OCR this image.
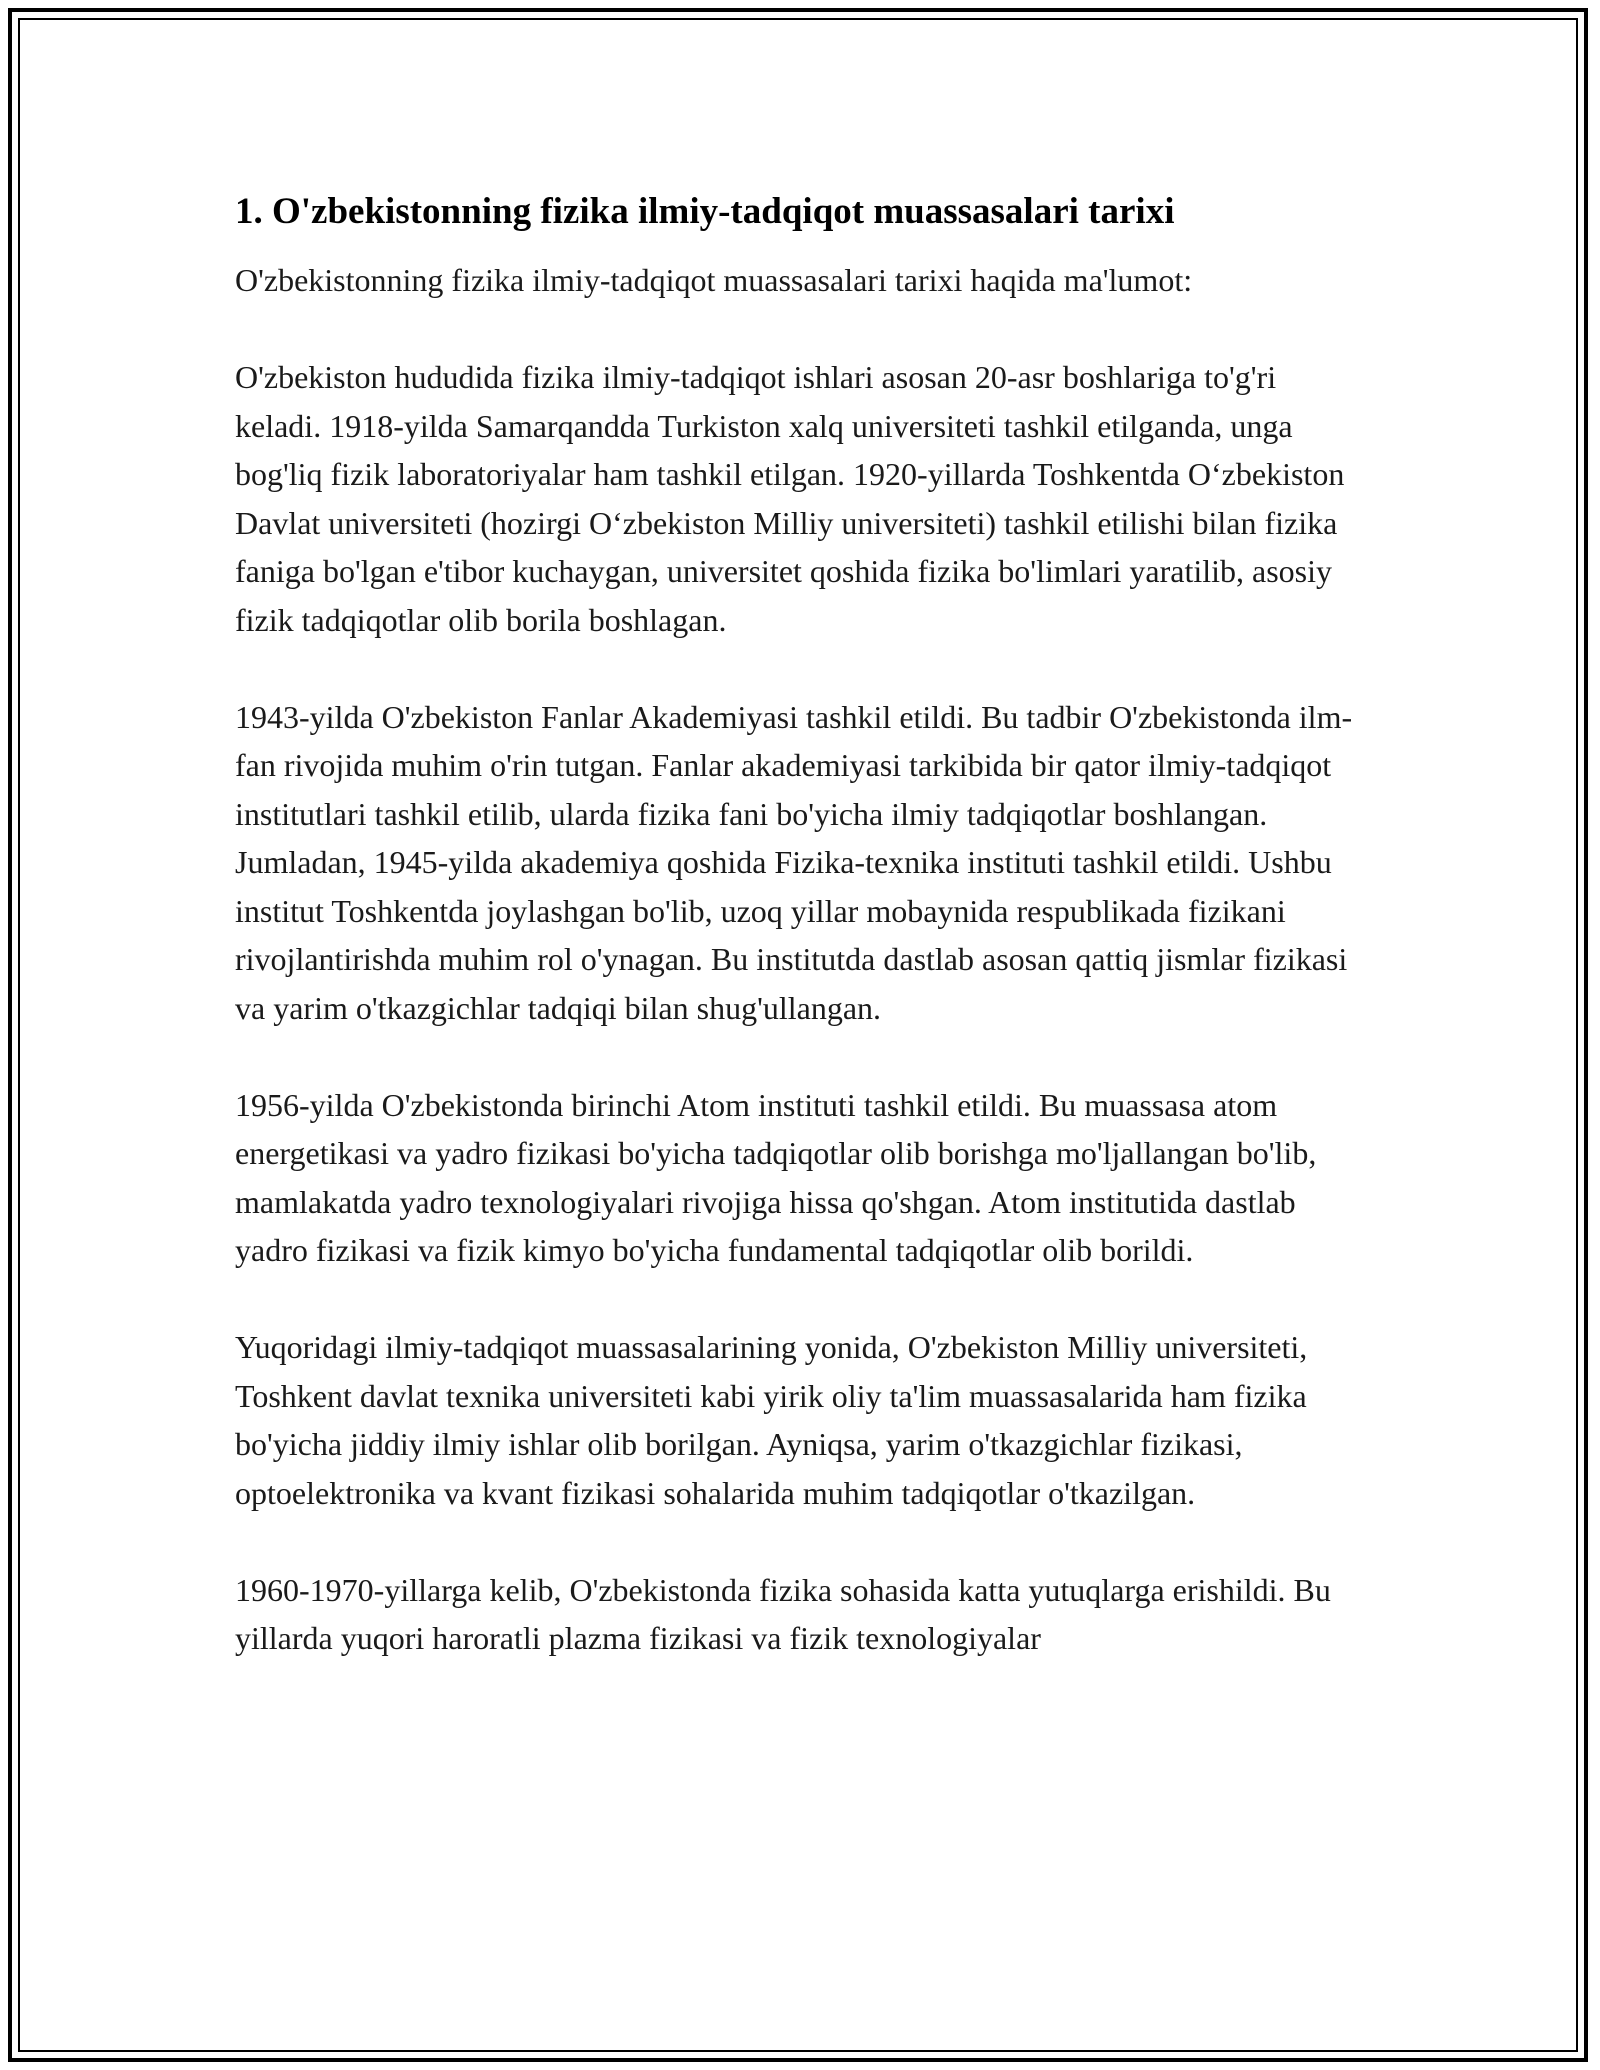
1. O'zbekistonning fizika ilmiy-tadqiqot muassasalari tarixi

O'zbekistonning fizika ilmiy-tadqiqot muassasalari tarixi haqida ma'lumot:

O'zbekiston hududida fizika ilmiy-tadqiqot ishlari asosan 20-asr boshlariga to'g'ri keladi. 1918-yilda Samarqandda Turkiston xalq universiteti tashkil etilganda, unga bog'liq fizik laboratoriyalar ham tashkil etilgan. 1920-yillarda Toshkentda O‘zbekiston Davlat universiteti (hozirgi O‘zbekiston Milliy universiteti) tashkil etilishi bilan fizika faniga bo'lgan e'tibor kuchaygan, universitet qoshida fizika bo'limlari yaratilib, asosiy fizik tadqiqotlar olib borila boshlagan.

1943-yilda O'zbekiston Fanlar Akademiyasi tashkil etildi. Bu tadbir O'zbekistonda ilm-fan rivojida muhim o'rin tutgan. Fanlar akademiyasi tarkibida bir qator ilmiy-tadqiqot institutlari tashkil etilib, ularda fizika fani bo'yicha ilmiy tadqiqotlar boshlangan. Jumladan, 1945-yilda akademiya qoshida Fizika-texnika instituti tashkil etildi. Ushbu institut Toshkentda joylashgan bo'lib, uzoq yillar mobaynida respublikada fizikani rivojlantirishda muhim rol o'ynagan. Bu institutda dastlab asosan qattiq jismlar fizikasi va yarim o'tkazgichlar tadqiqi bilan shug'ullangan.

1956-yilda O'zbekistonda birinchi Atom instituti tashkil etildi. Bu muassasa atom energetikasi va yadro fizikasi bo'yicha tadqiqotlar olib borishga mo'ljallangan bo'lib, mamlakatda yadro texnologiyalari rivojiga hissa qo'shgan. Atom institutida dastlab yadro fizikasi va fizik kimyo bo'yicha fundamental tadqiqotlar olib borildi.

Yuqoridagi ilmiy-tadqiqot muassasalarining yonida, O'zbekiston Milliy universiteti, Toshkent davlat texnika universiteti kabi yirik oliy ta'lim muassasalarida ham fizika bo'yicha jiddiy ilmiy ishlar olib borilgan. Ayniqsa, yarim o'tkazgichlar fizikasi, optoelektronika va kvant fizikasi sohalarida muhim tadqiqotlar o'tkazilgan.

1960-1970-yillarga kelib, O'zbekistonda fizika sohasida katta yutuqlarga erishildi. Bu yillarda yuqori haroratli plazma fizikasi va fizik texnologiyalar
